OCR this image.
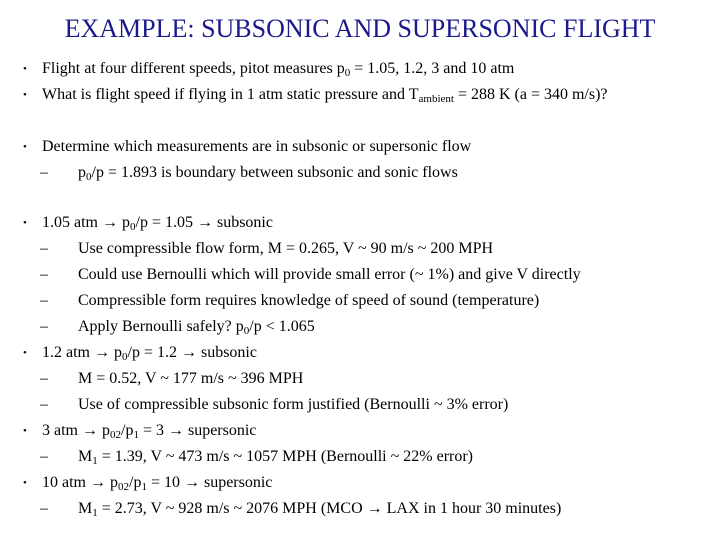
EXAMPLE: SUBSONIC AND SUPERSONIC FLIGHT
•
•
•
•
•
•
•
Flight at four different speeds, pitot measures p0 = 1.05, 1.2, 3 and 10 atm
What is flight speed if flying in 1 atm static pressure and Tambient = 288 K (a = 340 m/s)?
Determine which measurements are in subsonic or supersonic flow
– p0/p = 1.893 is boundary between subsonic and sonic flows
1.05 atm → p0/p = 1.05 → subsonic
– Use compressible flow form, M = 0.265, V ~ 90 m/s ~ 200 MPH
– Could use Bernoulli which will provide small error (~ 1%) and give V directly
– Compressible form requires knowledge of speed of sound (temperature)
– Apply Bernoulli safely? p0/p < 1.065
1.2 atm → p0/p = 1.2 → subsonic
– M = 0.52, V ~ 177 m/s ~ 396 MPH
– Use of compressible subsonic form justified (Bernoulli ~ 3% error)
3 atm → p02/p1 = 3 → supersonic
– M1 = 1.39, V ~ 473 m/s ~ 1057 MPH (Bernoulli ~ 22% error)
10 atm → p02/p1 = 10 → supersonic
– M1 = 2.73, V ~ 928 m/s ~ 2076 MPH (MCO → LAX in 1 hour 30 minutes)
